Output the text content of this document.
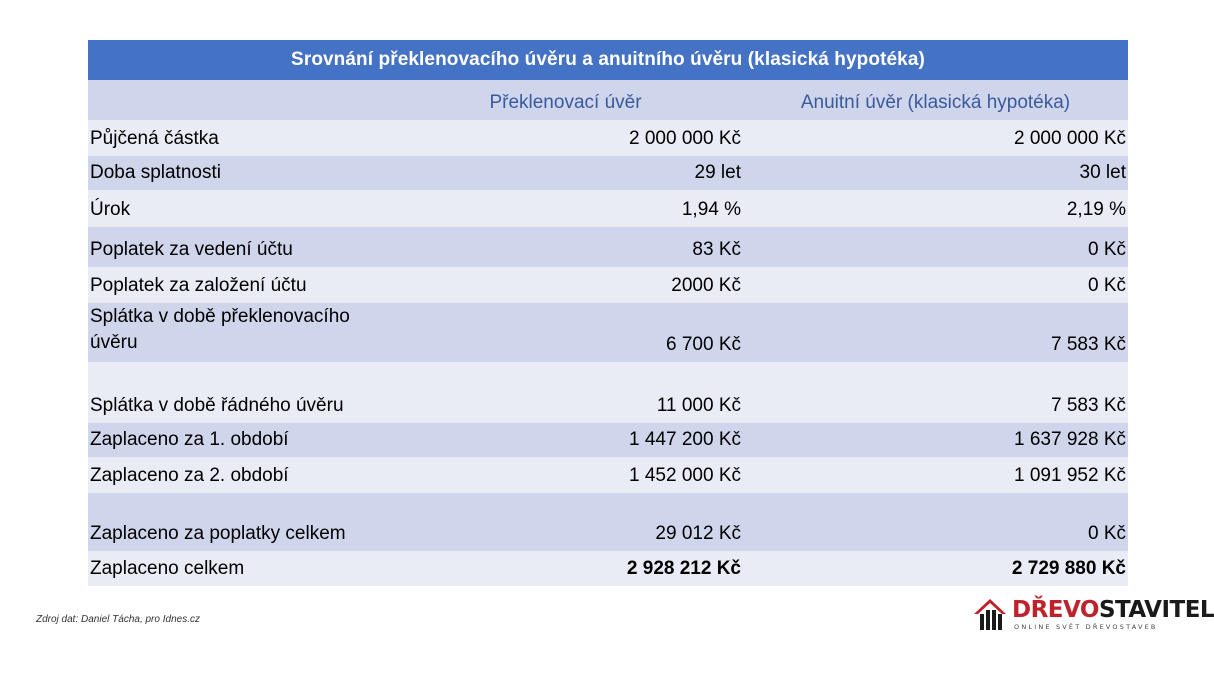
Srovnání překlenovacího úvěru a anuitního úvěru (klasická hypotéka)
	Překlenovací úvěr	Anuitní úvěr (klasická hypotéka)
Půjčená částka	2 000 000 Kč	2 000 000 Kč
Doba splatnosti	29 let	30 let
Úrok	1,94 %	2,19 %
Poplatek za vedení účtu	83 Kč	0 Kč
Poplatek za založení účtu	2000 Kč	0 Kč
Splátka v době překlenovacího úvěru	6 700 Kč	7 583 Kč
Splátka v době řádného úvěru	11 000 Kč	7 583 Kč
Zaplaceno za 1. období	1 447 200 Kč	1 637 928 Kč
Zaplaceno za 2. období	1 452 000 Kč	1 091 952 Kč
Zaplaceno za poplatky celkem	29 012 Kč	0 Kč
Zaplaceno celkem	2 928 212 Kč	2 729 880 Kč
Zdroj dat: Daniel Tácha, pro Idnes.cz	DŘEVOSTAVITEL
ONLINE SVĚT DŘEVOSTAVEB
